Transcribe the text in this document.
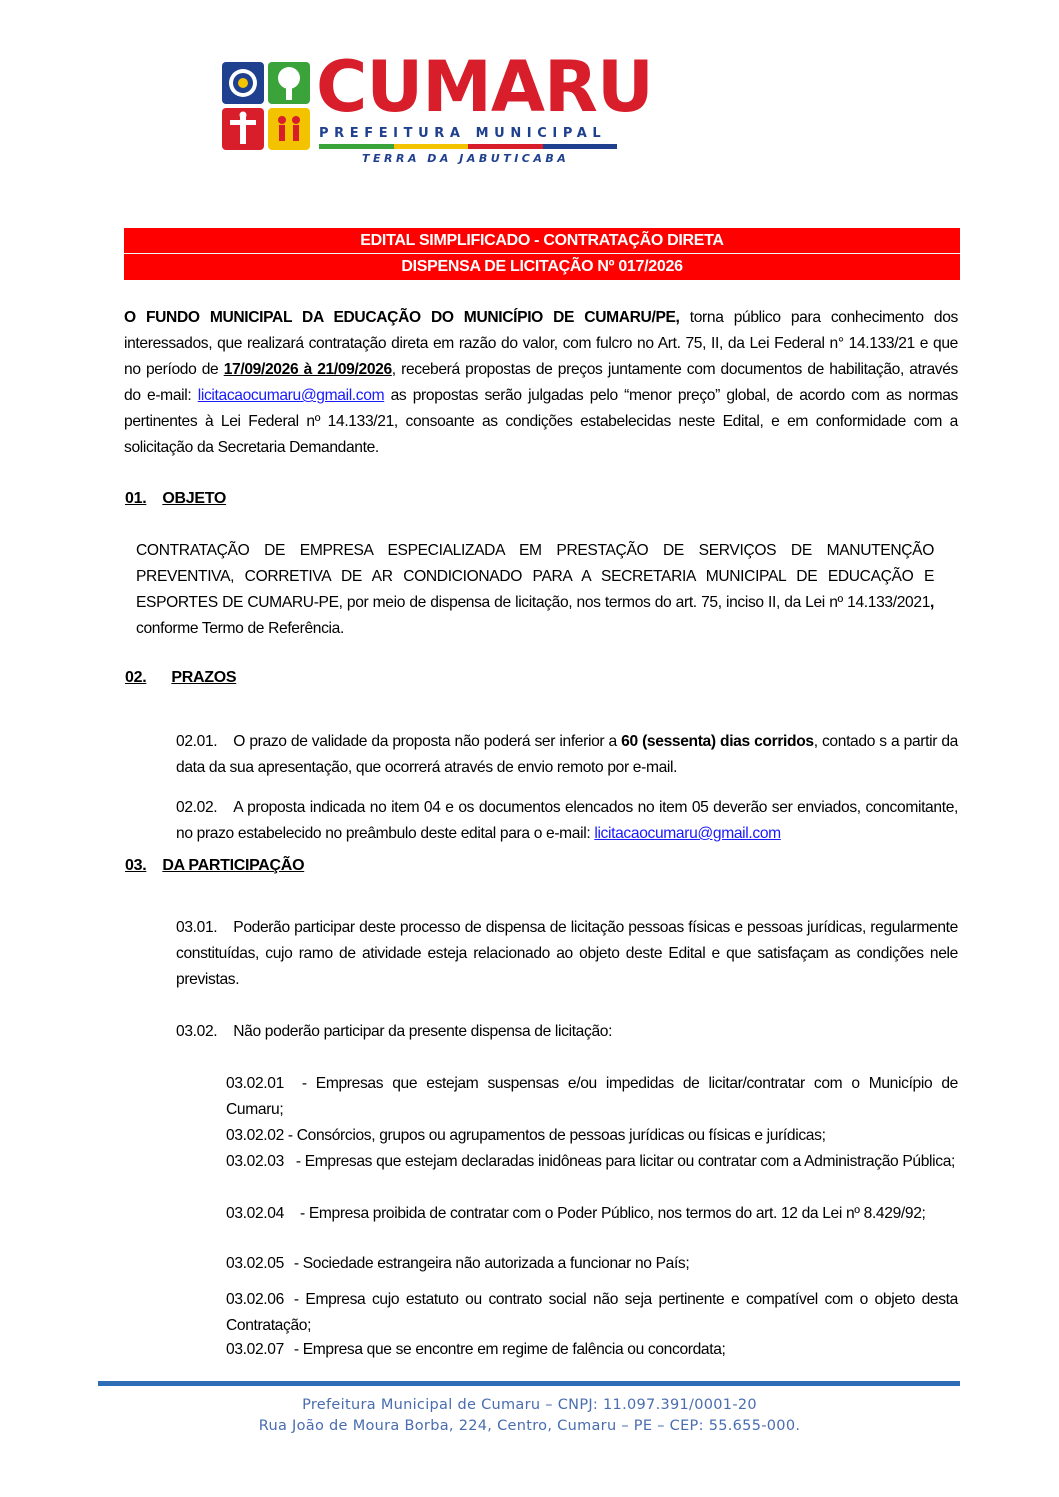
CUMARU
PREFEITURA MUNICIPAL
TERRA DA JABUTICABA
EDITAL SIMPLIFICADO - CONTRATAÇÃO DIRETA
DISPENSA DE LICITAÇÃO Nº 017/2026

O FUNDO MUNICIPAL DA EDUCAÇÃO DO MUNICÍPIO DE CUMARU/PE, torna público para conhecimento dos interessados, que realizará contratação direta em razão do valor, com fulcro no Art. 75, II, da Lei Federal n° 14.133/21 e que no período de 17/09/2026 à 21/09/2026, receberá propostas de preços juntamente com documentos de habilitação, através do e-mail: licitacaocumaru@gmail.com as propostas serão julgadas pelo “menor preço” global, de acordo com as normas pertinentes à Lei Federal nº 14.133/21, consoante as condições estabelecidas neste Edital, e em conformidade com a solicitação da Secretaria Demandante.

01. OBJETO

CONTRATAÇÃO DE EMPRESA ESPECIALIZADA EM PRESTAÇÃO DE SERVIÇOS DE MANUTENÇÃO PREVENTIVA, CORRETIVA DE AR CONDICIONADO PARA A SECRETARIA MUNICIPAL DE EDUCAÇÃO E ESPORTES DE CUMARU-PE, por meio de dispensa de licitação, nos termos do art. 75, inciso II, da Lei nº 14.133/2021, conforme Termo de Referência.

02. PRAZOS

02.01. O prazo de validade da proposta não poderá ser inferior a 60 (sessenta) dias corridos, contado s a partir da data da sua apresentação, que ocorrerá através de envio remoto por e-mail.

02.02. A proposta indicada no item 04 e os documentos elencados no item 05 deverão ser enviados, concomitante, no prazo estabelecido no preâmbulo deste edital para o e-mail: licitacaocumaru@gmail.com

03. DA PARTICIPAÇÃO

03.01. Poderão participar deste processo de dispensa de licitação pessoas físicas e pessoas jurídicas, regularmente constituídas, cujo ramo de atividade esteja relacionado ao objeto deste Edital e que satisfaçam as condições nele previstas.

03.02. Não poderão participar da presente dispensa de licitação:

03.02.01 - Empresas que estejam suspensas e/ou impedidas de licitar/contratar com o Município de Cumaru;
03.02.02 - Consórcios, grupos ou agrupamentos de pessoas jurídicas ou físicas e jurídicas;
03.02.03 - Empresas que estejam declaradas inidôneas para licitar ou contratar com a Administração Pública;
03.02.04 - Empresa proibida de contratar com o Poder Público, nos termos do art. 12 da Lei nº 8.429/92;
03.02.05 - Sociedade estrangeira não autorizada a funcionar no País;
03.02.06 - Empresa cujo estatuto ou contrato social não seja pertinente e compatível com o objeto desta Contratação;
03.02.07 - Empresa que se encontre em regime de falência ou concordata;
Prefeitura Municipal de Cumaru – CNPJ: 11.097.391/0001-20
Rua João de Moura Borba, 224, Centro, Cumaru – PE – CEP: 55.655-000.
